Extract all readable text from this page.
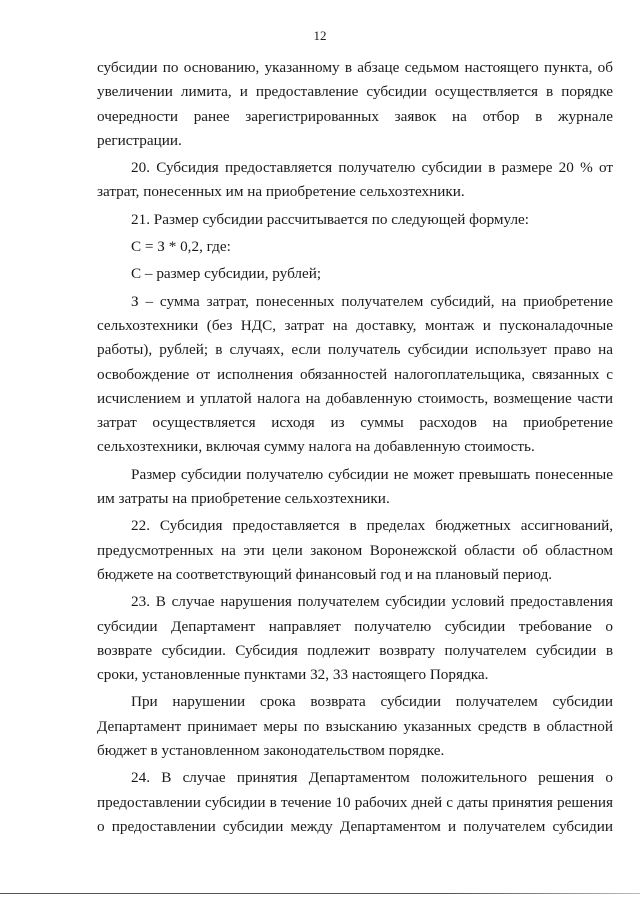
12

субсидии по основанию, указанному в абзаце седьмом настоящего пункта, об увеличении лимита, и предоставление субсидии осуществляется в порядке очередности ранее зарегистрированных заявок на отбор в журнале регистрации.

20. Субсидия предоставляется получателю субсидии в размере 20 % от затрат, понесенных им на приобретение сельхозтехники.

21. Размер субсидии рассчитывается по следующей формуле:

С = З * 0,2, где:

С – размер субсидии, рублей;

З – сумма затрат, понесенных получателем субсидий, на приобретение сельхозтехники (без НДС, затрат на доставку, монтаж и пусконаладочные работы), рублей; в случаях, если получатель субсидии использует право на освобождение от исполнения обязанностей налогоплательщика, связанных с исчислением и уплатой налога на добавленную стоимость, возмещение части затрат осуществляется исходя из суммы расходов на приобретение сельхозтехники, включая сумму налога на добавленную стоимость.

Размер субсидии получателю субсидии не может превышать понесенные им затраты на приобретение сельхозтехники.

22. Субсидия предоставляется в пределах бюджетных ассигнований, предусмотренных на эти цели законом Воронежской области об областном бюджете на соответствующий финансовый год и на плановый период.

23. В случае нарушения получателем субсидии условий предоставления субсидии Департамент направляет получателю субсидии требование о возврате субсидии. Субсидия подлежит возврату получателем субсидии в сроки, установленные пунктами 32, 33 настоящего Порядка.

При нарушении срока возврата субсидии получателем субсидии Департамент принимает меры по взысканию указанных средств в областной бюджет в установленном законодательством порядке.

24. В случае принятия Департаментом положительного решения о предоставлении субсидии в течение 10 рабочих дней с даты принятия решения о предоставлении субсидии между Департаментом и получателем субсидии
